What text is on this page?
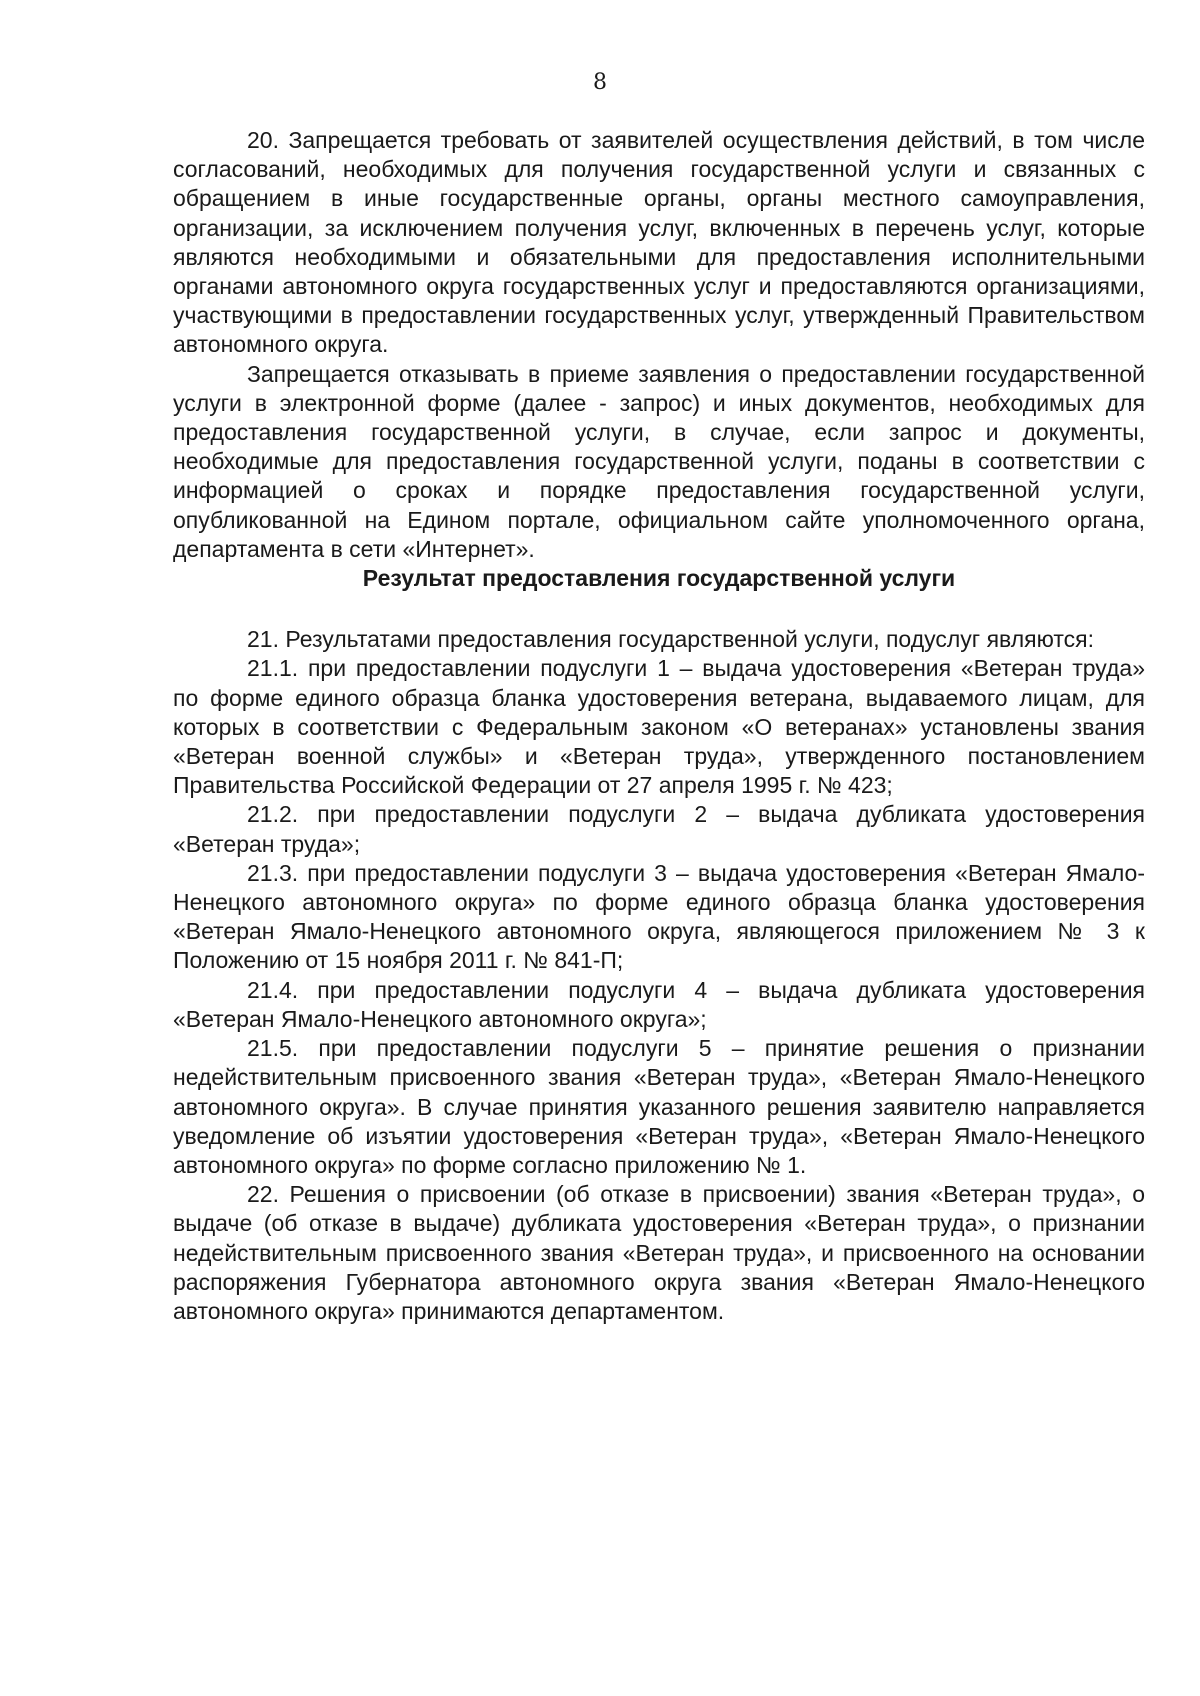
8

20. Запрещается требовать от заявителей осуществления действий, в том числе согласований, необходимых для получения государственной услуги и связанных с обращением в иные государственные органы, органы местного самоуправления, организации, за исключением получения услуг, включенных в перечень услуг, которые являются необходимыми и обязательными для предоставления исполнительными органами автономного округа государственных услуг и предоставляются организациями, участвующими в предоставлении государственных услуг, утвержденный Правительством автономного округа.

Запрещается отказывать в приеме заявления о предоставлении государственной услуги в электронной форме (далее - запрос) и иных документов, необходимых для предоставления государственной услуги, в случае, если запрос и документы, необходимые для предоставления государственной услуги, поданы в соответствии с информацией о сроках и порядке предоставления государственной услуги, опубликованной на Едином портале, официальном сайте уполномоченного органа, департамента в сети «Интернет».

Результат предоставления государственной услуги

21. Результатами предоставления государственной услуги, подуслуг являются:

21.1. при предоставлении подуслуги 1 – выдача удостоверения «Ветеран труда» по форме единого образца бланка удостоверения ветерана, выдаваемого лицам, для которых в соответствии с Федеральным законом «О ветеранах» установлены звания «Ветеран военной службы» и «Ветеран труда», утвержденного постановлением Правительства Российской Федерации от 27 апреля 1995 г. № 423;

21.2. при предоставлении подуслуги 2 – выдача дубликата удостоверения «Ветеран труда»;

21.3. при предоставлении подуслуги 3 – выдача удостоверения «Ветеран Ямало-Ненецкого автономного округа» по форме единого образца бланка удостоверения «Ветеран Ямало-Ненецкого автономного округа, являющегося приложением № 3 к Положению от 15 ноября 2011 г. № 841-П;

21.4. при предоставлении подуслуги 4 – выдача дубликата удостоверения «Ветеран Ямало-Ненецкого автономного округа»;

21.5. при предоставлении подуслуги 5 – принятие решения о признании недействительным присвоенного звания «Ветеран труда», «Ветеран Ямало-Ненецкого автономного округа». В случае принятия указанного решения заявителю направляется уведомление об изъятии удостоверения «Ветеран труда», «Ветеран Ямало-Ненецкого автономного округа» по форме согласно приложению № 1.

22. Решения о присвоении (об отказе в присвоении) звания «Ветеран труда», о выдаче (об отказе в выдаче) дубликата удостоверения «Ветеран труда», о признании недействительным присвоенного звания «Ветеран труда», и присвоенного на основании распоряжения Губернатора автономного округа звания «Ветеран Ямало-Ненецкого автономного округа» принимаются департаментом.
